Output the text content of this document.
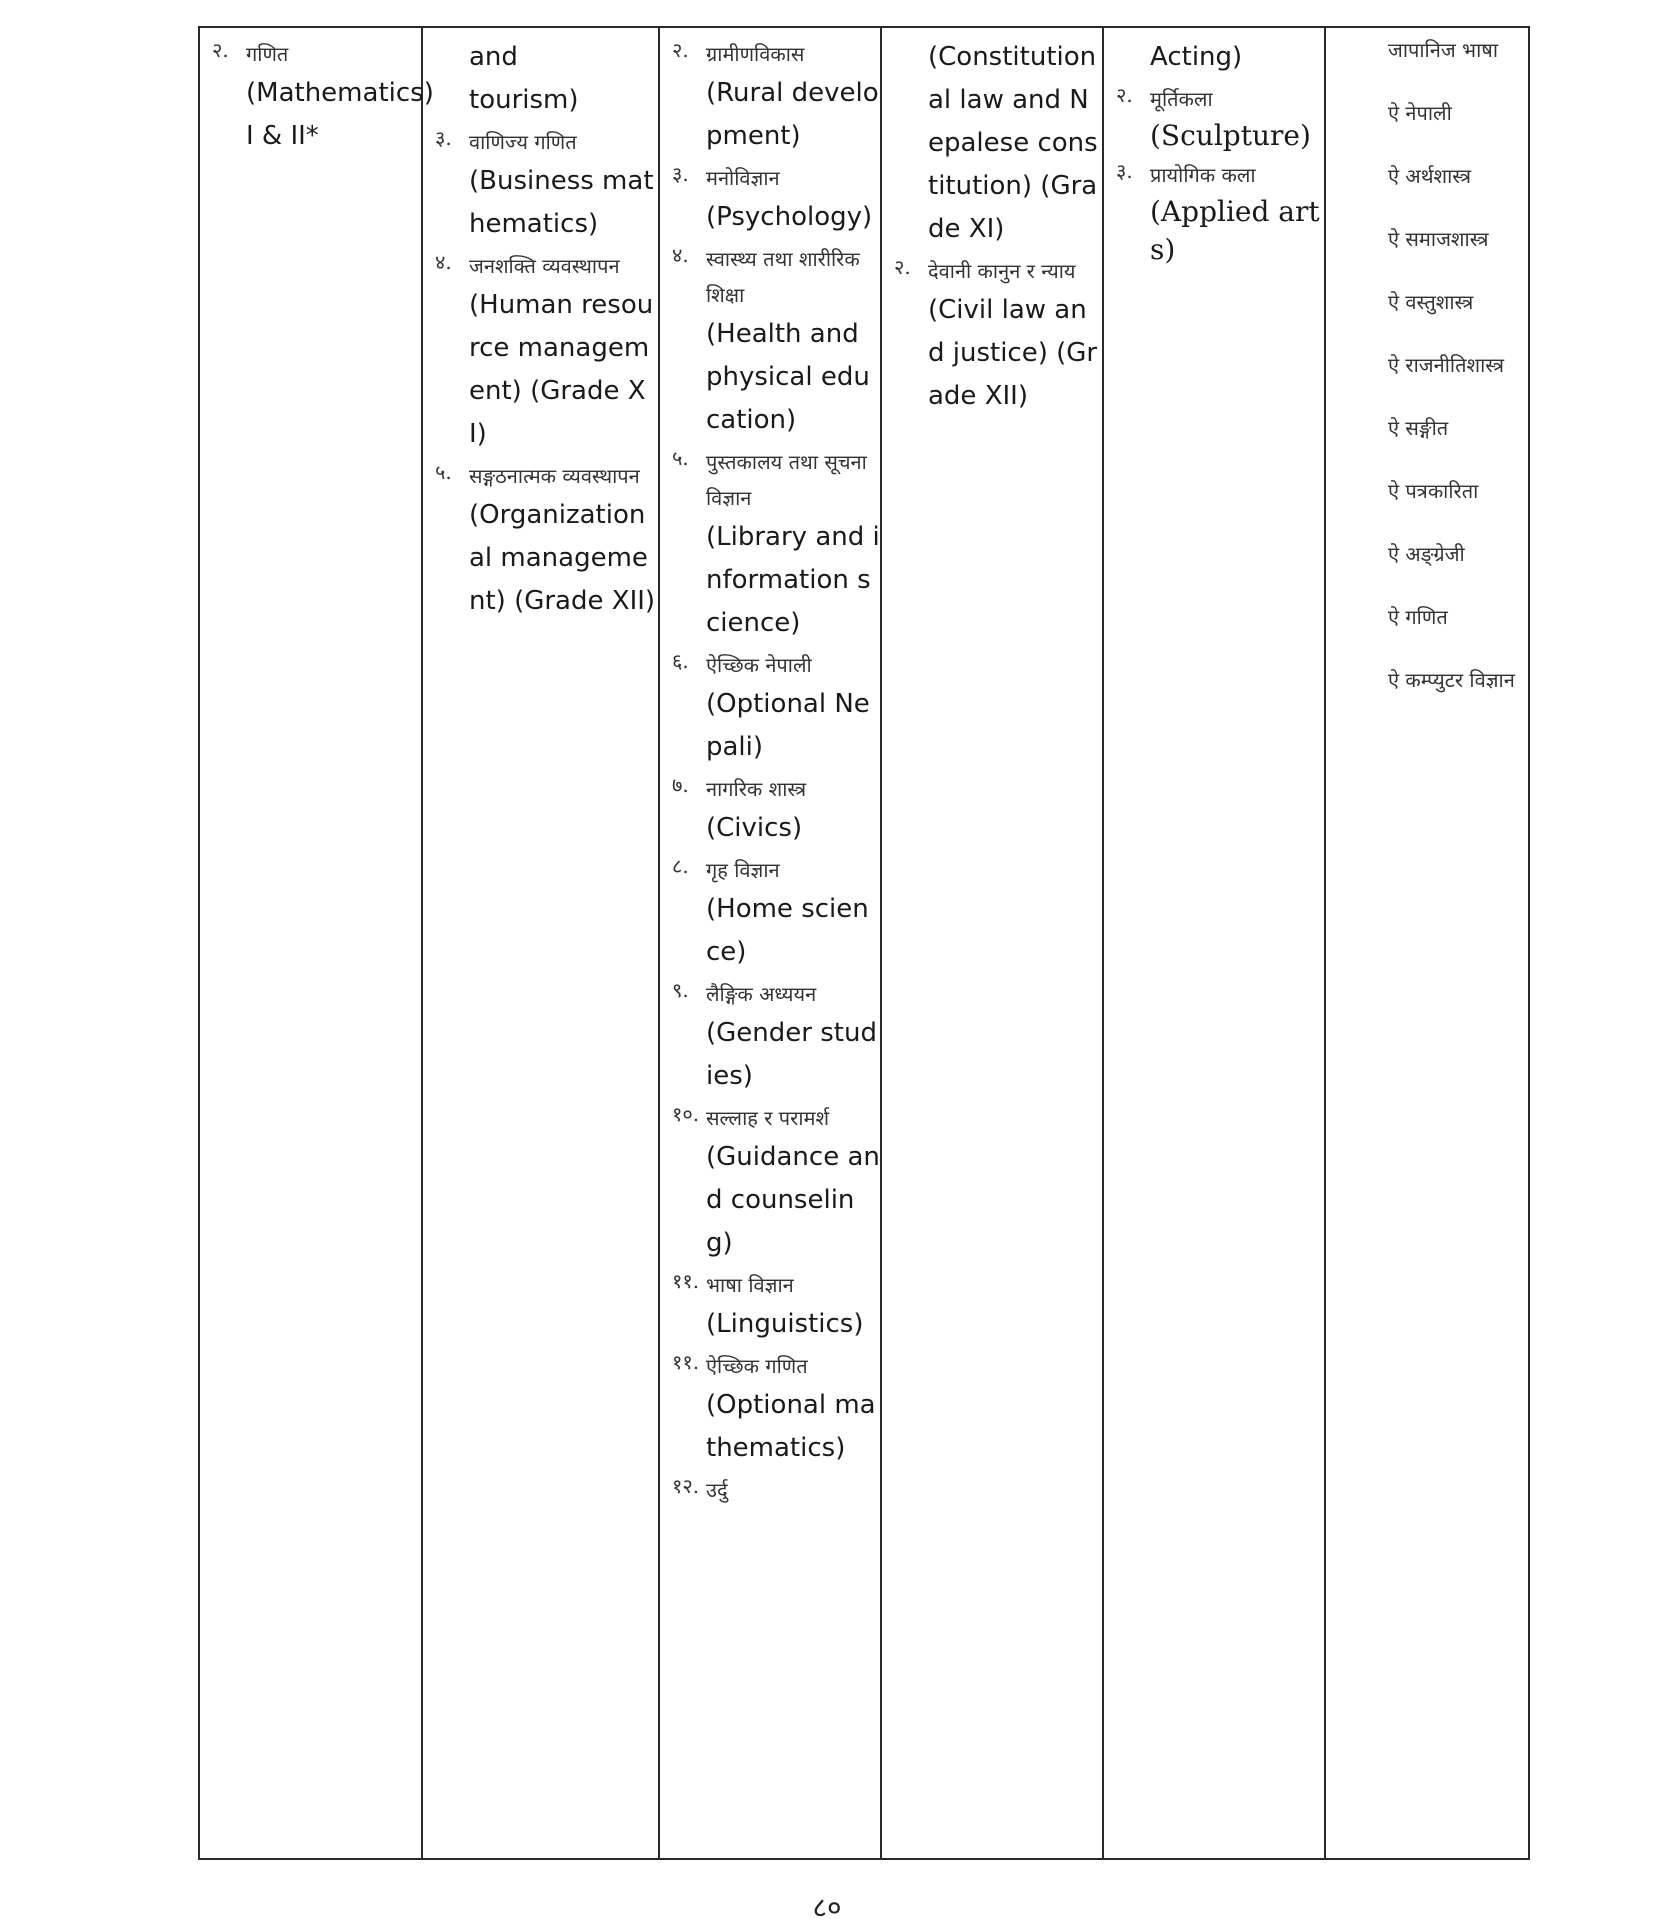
२. गणित
(Mathematics) I & II*

and tourism)
३. वाणिज्य गणित
(Business mathematics)
४. जनशक्ति व्यवस्थापन
(Human resource management) (Grade XI)
५. सङ्गठनात्मक व्यवस्थापन
(Organizational management) (Grade XII)

२. ग्रामीणविकास
(Rural development)
३. मनोविज्ञान
(Psychology)
४. स्वास्थ्य तथा शारीरिक शिक्षा
(Health and physical education)
५. पुस्तकालय तथा सूचना विज्ञान
(Library and information science)
६. ऐच्छिक नेपाली
(Optional Nepali)
७. नागरिक शास्त्र
(Civics)
८. गृह विज्ञान
(Home science)
९. लैङ्गिक अध्ययन
(Gender studies)
१०. सल्लाह र परामर्श
(Guidance and counseling)
११. भाषा विज्ञान
(Linguistics)
११. ऐच्छिक गणित
(Optional mathematics)
१२. उर्दु

(Constitutional law and Nepalese constitution) (Grade XI)
२. देवानी कानुन र न्याय
(Civil law and justice) (Grade XII)

Acting)
२. मूर्तिकला
(Sculpture)
३. प्रायोगिक कला
(Applied arts)

जापानिज भाषा
ऐ नेपाली
ऐ अर्थशास्त्र
ऐ समाजशास्त्र
ऐ वस्तुशास्त्र
ऐ राजनीतिशास्त्र
ऐ सङ्गीत
ऐ पत्रकारिता
ऐ अङ्ग्रेजी
ऐ गणित
ऐ कम्प्युटर विज्ञान
८०
